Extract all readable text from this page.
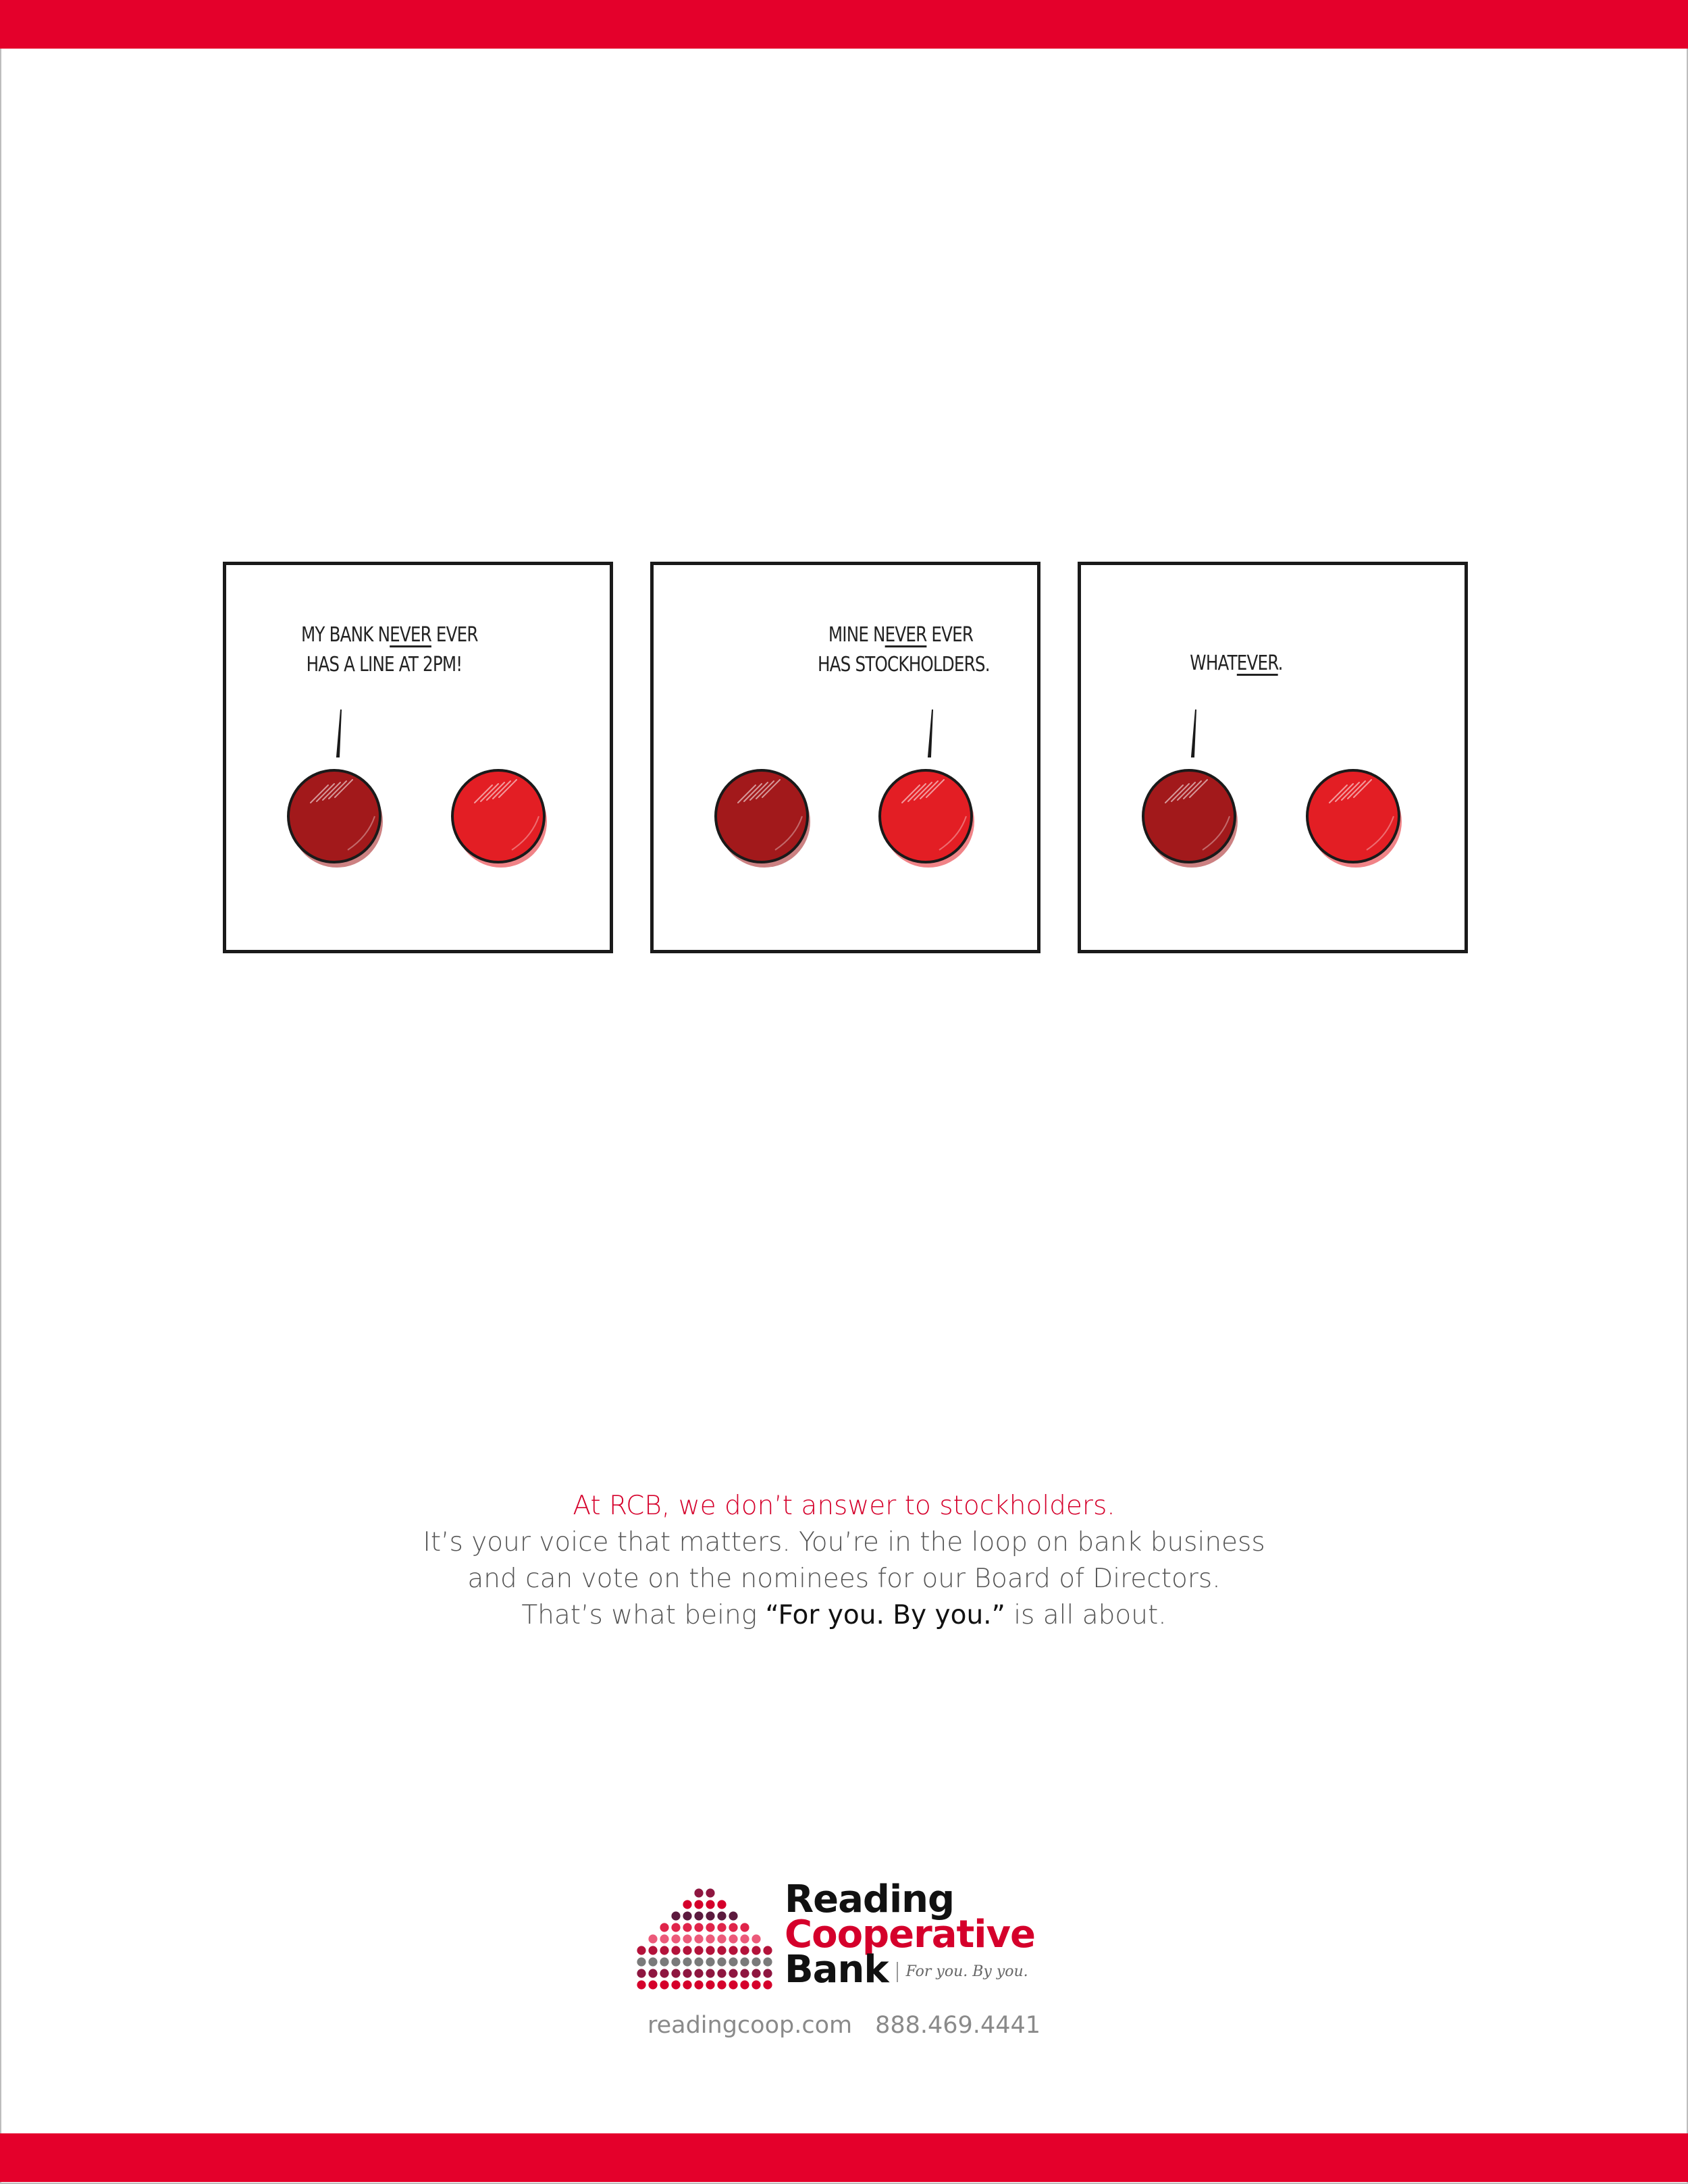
MY BANK NEVER EVER
HAS A LINE AT 2PM!
MINE NEVER EVER
HAS STOCKHOLDERS.	WHATEVER.
At RCB, we don’t answer to stockholders.
It’s your voice that matters. You’re in the loop on bank business
and can vote on the nominees for our Board of Directors.
That’s what being “For you. By you.” is all about.
Reading
Cooperative
Bank For you. By you.
readingcoop.com 888.469.4441
